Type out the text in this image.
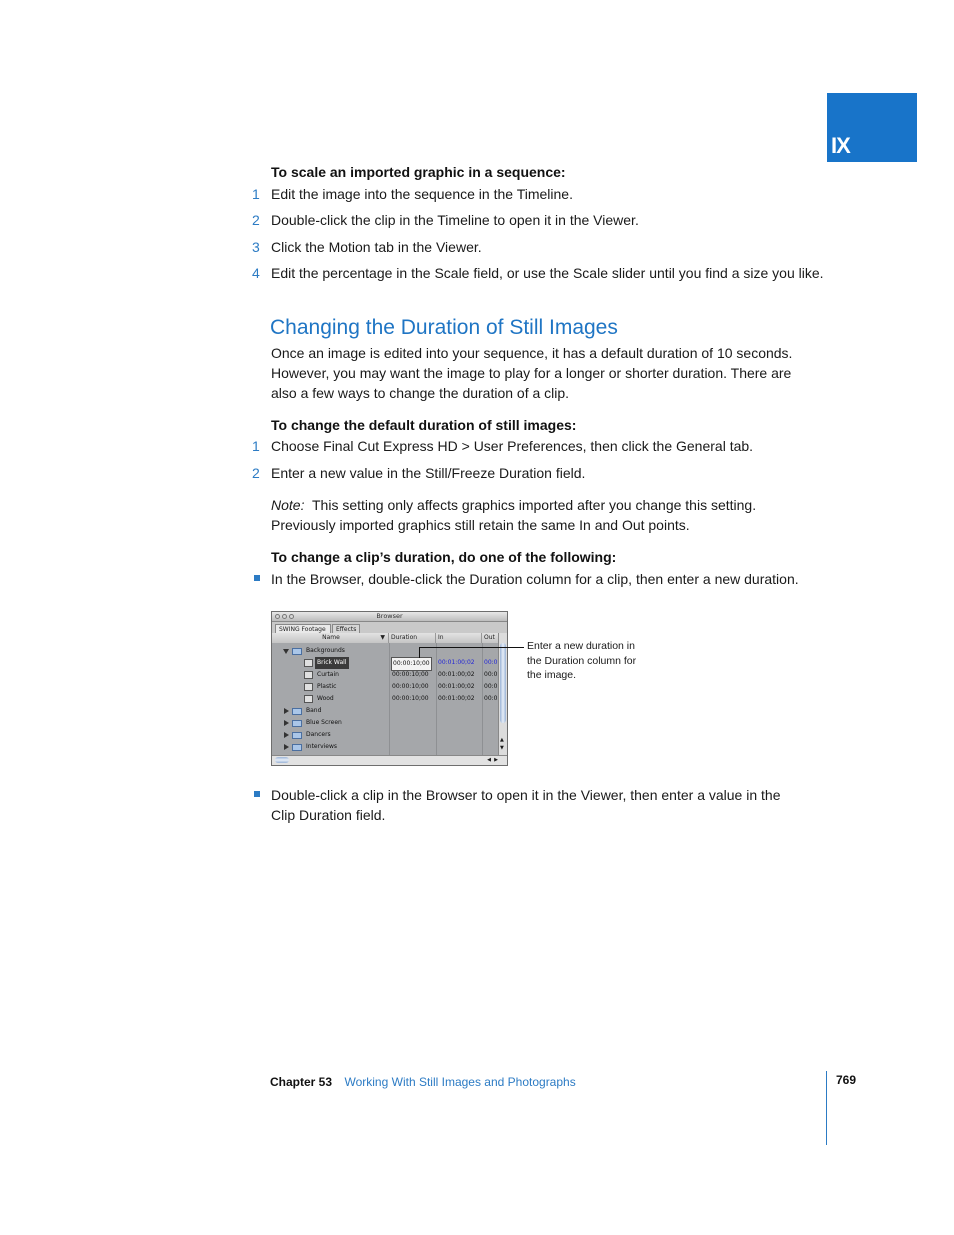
IX
To scale an imported graphic in a sequence:
1 Edit the image into the sequence in the Timeline.
2 Double-click the clip in the Timeline to open it in the Viewer.
3 Click the Motion tab in the Viewer.
4 Edit the percentage in the Scale field, or use the Scale slider until you find a size you like.
Changing the Duration of Still Images
Once an image is edited into your sequence, it has a default duration of 10 seconds.
However, you may want the image to play for a longer or shorter duration. There are
also a few ways to change the duration of a clip.
To change the default duration of still images:
1 Choose Final Cut Express HD > User Preferences, then click the General tab.
2 Enter a new value in the Still/Freeze Duration field.
Note: This setting only affects graphics imported after you change this setting.
Previously imported graphics still retain the same In and Out points.
To change a clip’s duration, do one of the following:
In the Browser, double-click the Duration column for a clip, then enter a new duration.
Browser
SWING Footage	Effects
Name	▼	Duration	In	Out
Backgrounds
Brick Wall	00:00:10;00	00:01:00;02 00:0
Curtain	00:00:10;00 00:01:00;02 00:0
Plastic	00:00:10;00 00:01:00;02 00:0
Wood	00:00:10;00 00:01:00;02 00:0
Band
Blue Screen
Dancers
Interviews
▲
▼
◀ ▶
Enter a new duration in
the Duration column for
the image.
Double-click a clip in the Browser to open it in the Viewer, then enter a value in the
Clip Duration field.
Chapter 53 Working With Still Images and Photographs	769
